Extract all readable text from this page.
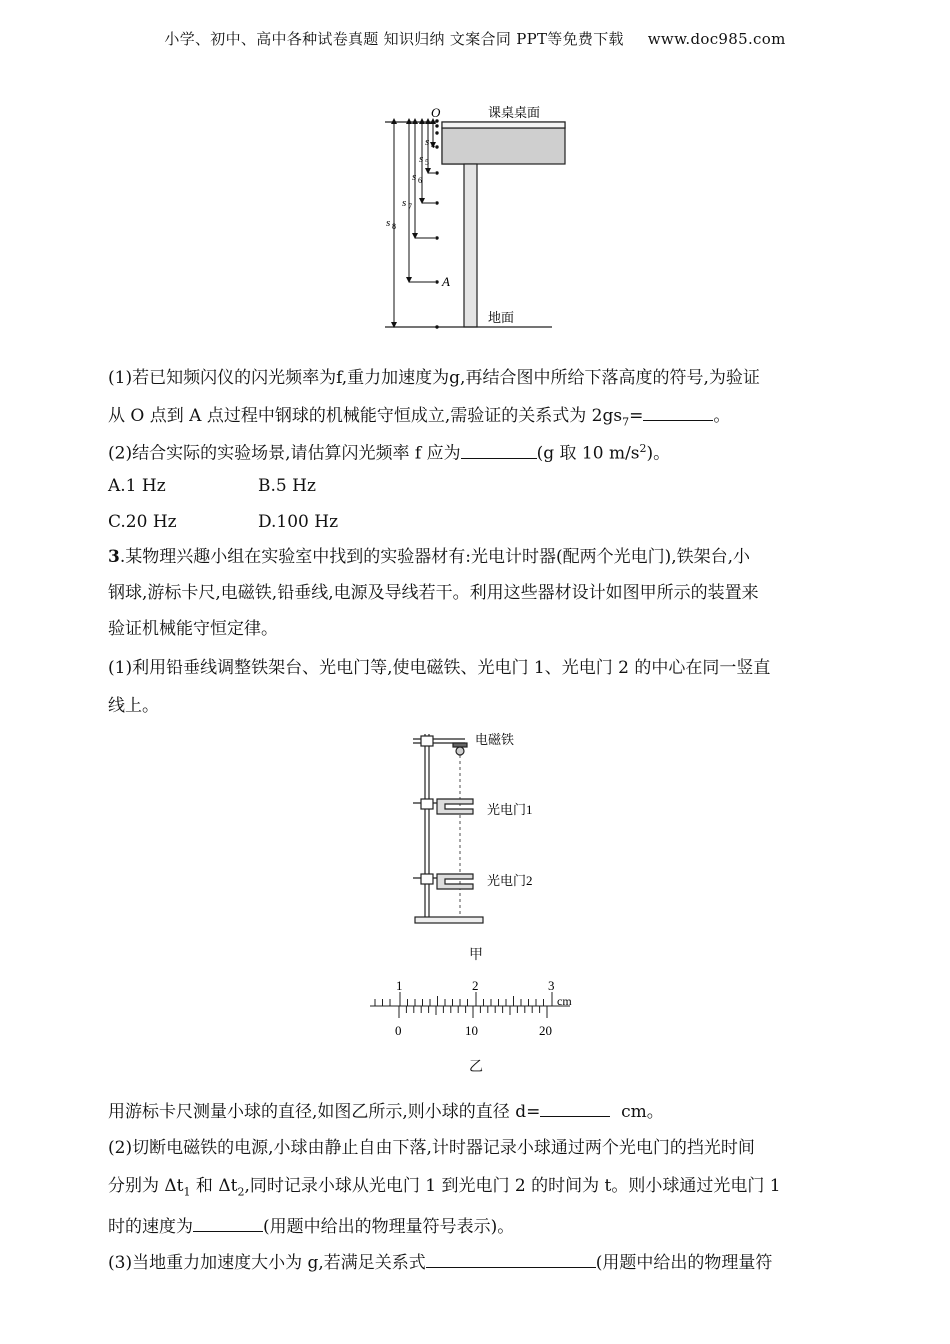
小学、初中、高中各种试卷真题 知识归纳 文案合同 PPT等免费下载 www.doc985.com
O	课桌桌面
地面
A
s 4
s 5
s 6
s 7
s 8
(1)若已知频闪仪的闪光频率为f,重力加速度为g,再结合图中所给下落高度的符号,为验证
从 O 点到 A 点过程中钢球的机械能守恒成立,需验证的关系式为 $2gs_7=$	。
(2)结合实际的实验场景,请估算闪光频率 f 应为	(g 取 10 $m/s^2$)。
A.1 Hz	B.5 Hz
C.20 Hz	D.100 Hz
3.某物理兴趣小组在实验室中找到的实验器材有:光电计时器(配两个光电门),铁架台,小
钢球,游标卡尺,电磁铁,铅垂线,电源及导线若干。利用这些器材设计如图甲所示的装置来
验证机械能守恒定律。
(1)利用铅垂线调整铁架台、光电门等,使电磁铁、光电门 1、光电门 2 的中心在同一竖直
线上。
电磁铁
光电门1
光电门2
甲
1	2	3
cm
0	10	20
乙
用游标卡尺测量小球的直径,如图乙所示,则小球的直径 d=	cm。
(2)切断电磁铁的电源,小球由静止自由下落,计时器记录小球通过两个光电门的挡光时间
分别为 $\Delta t_1$ 和 $\Delta t_2$,同时记录小球从光电门 1 到光电门 2 的时间为 t。则小球通过光电门 1
时的速度为	(用题中给出的物理量符号表示)。
(3)当地重力加速度大小为 g,若满足关系式	(用题中给出的物理量符
